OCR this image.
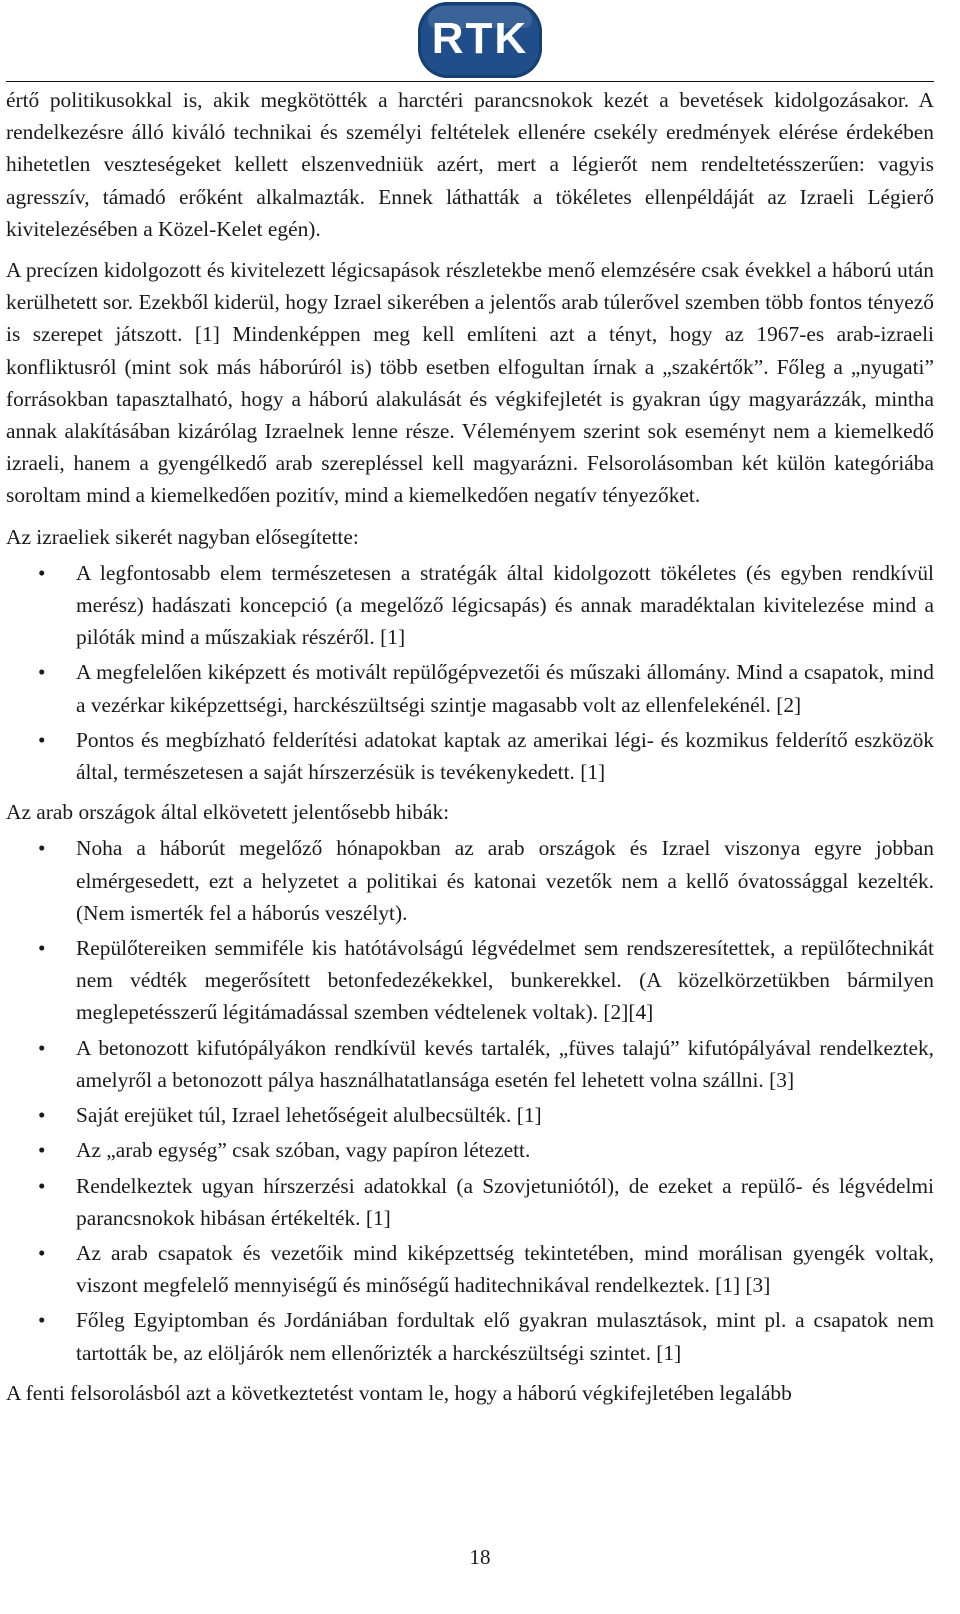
RTK

értő politikusokkal is, akik megkötötték a harctéri parancsnokok kezét a bevetések kidolgozásakor. A rendelkezésre álló kiváló technikai és személyi feltételek ellenére csekély eredmények elérése érdekében hihetetlen veszteségeket kellett elszenvedniük azért, mert a légierőt nem rendeltetésszerűen: vagyis agresszív, támadó erőként alkalmazták. Ennek láthatták a tökéletes ellenpéldáját az Izraeli Légierő kivitelezésében a Közel-Kelet egén).

A precízen kidolgozott és kivitelezett légicsapások részletekbe menő elemzésére csak évekkel a háború után kerülhetett sor. Ezekből kiderül, hogy Izrael sikerében a jelentős arab túlerővel szemben több fontos tényező is szerepet játszott. [1] Mindenképpen meg kell említeni azt a tényt, hogy az 1967-es arab-izraeli konfliktusról (mint sok más háborúról is) több esetben elfogultan írnak a „szakértők”. Főleg a „nyugati” forrásokban tapasztalható, hogy a háború alakulását és végkifejletét is gyakran úgy magyarázzák, mintha annak alakításában kizárólag Izraelnek lenne része. Véleményem szerint sok eseményt nem a kiemelkedő izraeli, hanem a gyengélkedő arab szerepléssel kell magyarázni. Felsorolásomban két külön kategóriába soroltam mind a kiemelkedően pozitív, mind a kiemelkedően negatív tényezőket.

Az izraeliek sikerét nagyban elősegítette:

• A legfontosabb elem természetesen a stratégák által kidolgozott tökéletes (és egyben rendkívül merész) hadászati koncepció (a megelőző légicsapás) és annak maradéktalan kivitelezése mind a pilóták mind a műszakiak részéről. [1]
• A megfelelően kiképzett és motivált repülőgépvezetői és műszaki állomány. Mind a csapatok, mind a vezérkar kiképzettségi, harckészültségi szintje magasabb volt az ellenfelekénél. [2]
• Pontos és megbízható felderítési adatokat kaptak az amerikai légi- és kozmikus felderítő eszközök által, természetesen a saját hírszerzésük is tevékenykedett. [1]

Az arab országok által elkövetett jelentősebb hibák:

• Noha a háborút megelőző hónapokban az arab országok és Izrael viszonya egyre jobban elmérgesedett, ezt a helyzetet a politikai és katonai vezetők nem a kellő óvatossággal kezelték. (Nem ismerték fel a háborús veszélyt).
• Repülőtereiken semmiféle kis hatótávolságú légvédelmet sem rendszeresítettek, a repülőtechnikát nem védték megerősített betonfedezékekkel, bunkerekkel. (A közelkörzetükben bármilyen meglepetésszerű légitámadással szemben védtelenek voltak). [2][4]
• A betonozott kifutópályákon rendkívül kevés tartalék, „füves talajú” kifutópályával rendelkeztek, amelyről a betonozott pálya használhatatlansága esetén fel lehetett volna szállni. [3]
• Saját erejüket túl, Izrael lehetőségeit alulbecsülték. [1]
• Az „arab egység” csak szóban, vagy papíron létezett.
• Rendelkeztek ugyan hírszerzési adatokkal (a Szovjetuniótól), de ezeket a repülő- és légvédelmi parancsnokok hibásan értékelték. [1]
• Az arab csapatok és vezetőik mind kiképzettség tekintetében, mind morálisan gyengék voltak, viszont megfelelő mennyiségű és minőségű haditechnikával rendelkeztek. [1] [3]
• Főleg Egyiptomban és Jordániában fordultak elő gyakran mulasztások, mint pl. a csapatok nem tartották be, az elöljárók nem ellenőrizték a harckészültségi szintet. [1]

A fenti felsorolásból azt a következtetést vontam le, hogy a háború végkifejletében legalább

18
